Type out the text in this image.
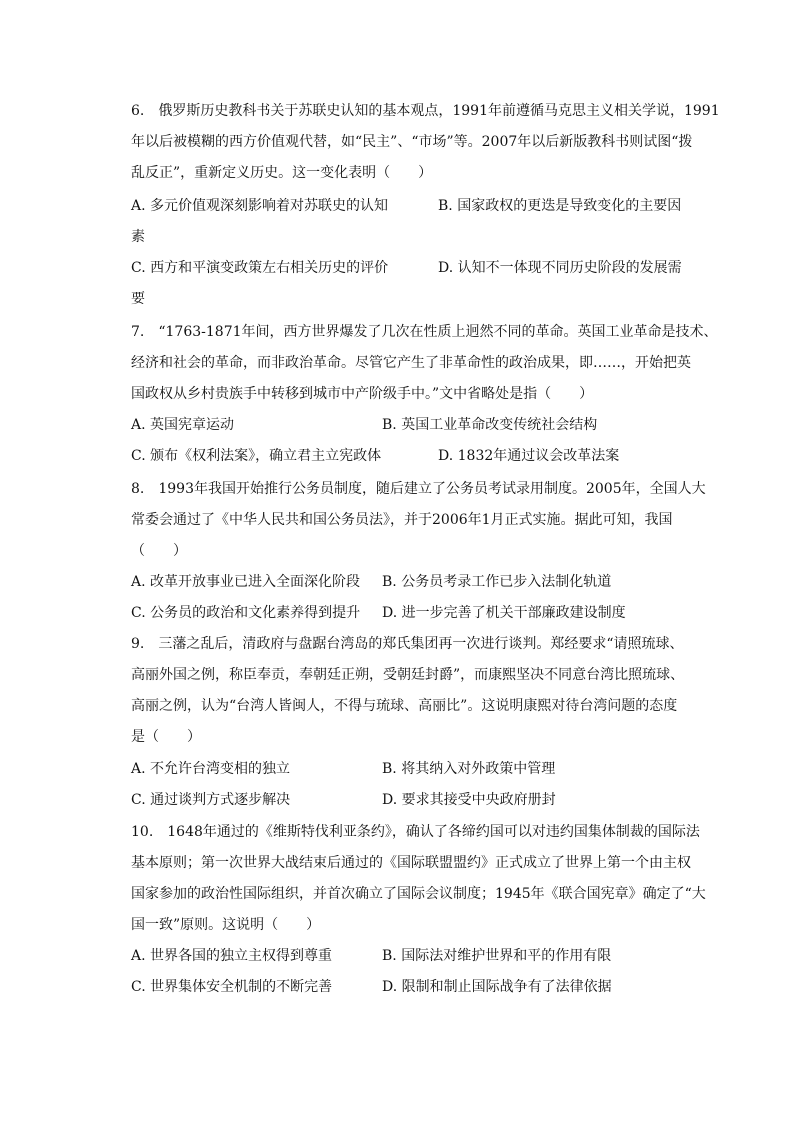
6.　俄罗斯历史教科书关于苏联史认知的基本观点，1991年前遵循马克思主义相关学说，1991
年以后被模糊的西方价值观代替，如“民主”、“市场”等。2007年以后新版教科书则试图“拨
乱反正”，重新定义历史。这一变化表明（　　）
A. 多元价值观深刻影响着对苏联史的认知	B. 国家政权的更迭是导致变化的主要因
素
C. 西方和平演变政策左右相关历史的评价	D. 认知不一体现不同历史阶段的发展需
要
7.　“1763-1871年间，西方世界爆发了几次在性质上迥然不同的革命。英国工业革命是技术、
经济和社会的革命，而非政治革命。尽管它产生了非革命性的政治成果，即……，开始把英
国政权从乡村贵族手中转移到城市中产阶级手中。”文中省略处是指（　　）
A. 英国宪章运动	B. 英国工业革命改变传统社会结构
C. 颁布《权利法案》，确立君主立宪政体	D. 1832年通过议会改革法案
8.　1993年我国开始推行公务员制度，随后建立了公务员考试录用制度。2005年，全国人大
常委会通过了《中华人民共和国公务员法》，并于2006年1月正式实施。据此可知，我国
（　　）
A. 改革开放事业已进入全面深化阶段 B. 公务员考录工作已步入法制化轨道
C. 公务员的政治和文化素养得到提升 D. 进一步完善了机关干部廉政建设制度
9.　三藩之乱后，清政府与盘踞台湾岛的郑氏集团再一次进行谈判。郑经要求“请照琉球、
高丽外国之例，称臣奉贡，奉朝廷正朔，受朝廷封爵”，而康熙坚决不同意台湾比照琉球、
高丽之例，认为“台湾人皆闽人，不得与琉球、高丽比”。这说明康熙对待台湾问题的态度
是（　　）
A. 不允许台湾变相的独立	B. 将其纳入对外政策中管理
C. 通过谈判方式逐步解决	D. 要求其接受中央政府册封
10.　1648年通过的《维斯特伐利亚条约》，确认了各缔约国可以对违约国集体制裁的国际法
基本原则；第一次世界大战结束后通过的《国际联盟盟约》正式成立了世界上第一个由主权
国家参加的政治性国际组织，并首次确立了国际会议制度；1945年《联合国宪章》确定了“大
国一致”原则。这说明（　　）
A. 世界各国的独立主权得到尊重	B. 国际法对维护世界和平的作用有限
C. 世界集体安全机制的不断完善	D. 限制和制止国际战争有了法律依据
